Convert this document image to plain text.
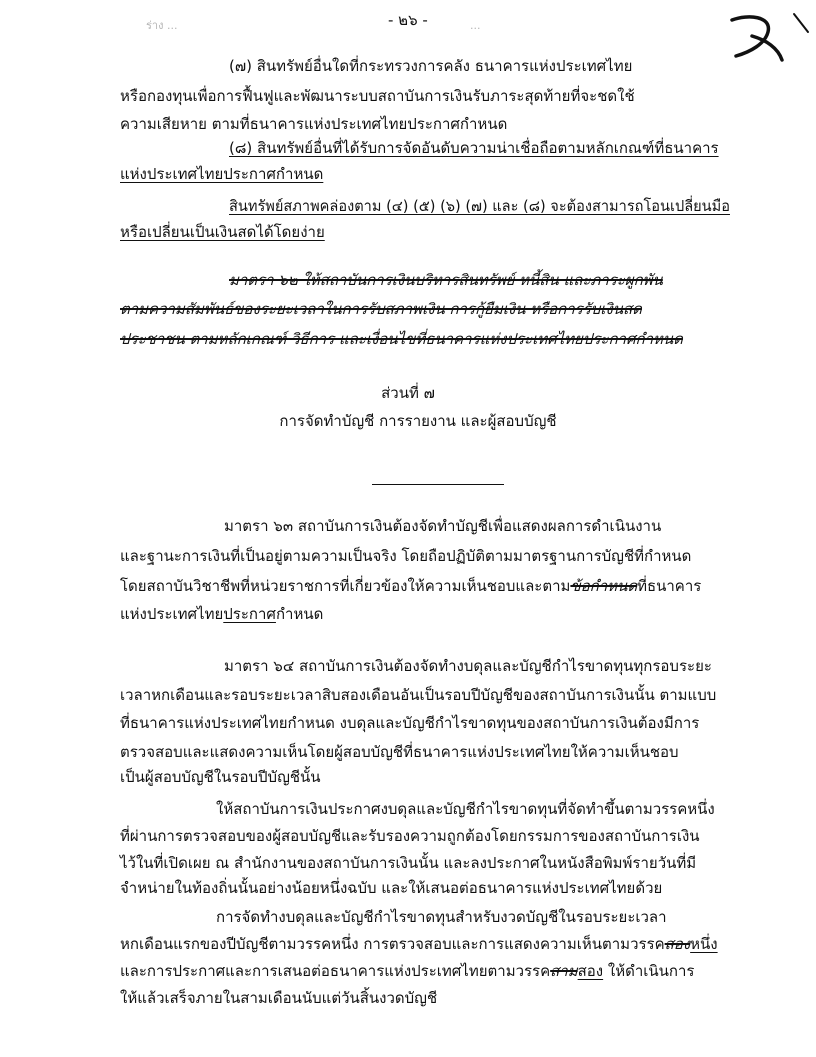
ร่าง ...	- ๒๖ -	...
(๗) สินทรัพย์อื่นใดที่กระทรวงการคลัง ธนาคารแห่งประเทศไทย
หรือกองทุนเพื่อการฟื้นฟูและพัฒนาระบบสถาบันการเงินรับภาระสุดท้ายที่จะชดใช้
ความเสียหาย ตามที่ธนาคารแห่งประเทศไทยประกาศกำหนด
(๘) สินทรัพย์อื่นที่ได้รับการจัดอันดับความน่าเชื่อถือตามหลักเกณฑ์ที่ธนาคาร
แห่งประเทศไทยประกาศกำหนด
สินทรัพย์สภาพคล่องตาม (๔) (๕) (๖) (๗) และ (๘) จะต้องสามารถโอนเปลี่ยนมือ
หรือเปลี่ยนเป็นเงินสดได้โดยง่าย
มาตรา ๖๒ ให้สถาบันการเงินบริหารสินทรัพย์ หนี้สิน และภาระผูกพัน
ตามความสัมพันธ์ของระยะเวลาในการรับสภาพเงิน การกู้ยืมเงิน หรือการรับเงินสด
ประชาชน ตามหลักเกณฑ์ วิธีการ และเงื่อนไขที่ธนาคารแห่งประเทศไทยประกาศกำหนด
ส่วนที่ ๗
การจัดทำบัญชี การรายงาน และผู้สอบบัญชี
มาตรา ๖๓ สถาบันการเงินต้องจัดทำบัญชีเพื่อแสดงผลการดำเนินงาน
และฐานะการเงินที่เป็นอยู่ตามความเป็นจริง โดยถือปฏิบัติตามมาตรฐานการบัญชีที่กำหนด
โดยสถาบันวิชาชีพที่หน่วยราชการที่เกี่ยวข้องให้ความเห็นชอบและตามข้อกำหนดที่ธนาคาร
แห่งประเทศไทยประกาศกำหนด
มาตรา ๖๔ สถาบันการเงินต้องจัดทำงบดุลและบัญชีกำไรขาดทุนทุกรอบระยะ
เวลาหกเดือนและรอบระยะเวลาสิบสองเดือนอันเป็นรอบปีบัญชีของสถาบันการเงินนั้น ตามแบบ
ที่ธนาคารแห่งประเทศไทยกำหนด งบดุลและบัญชีกำไรขาดทุนของสถาบันการเงินต้องมีการ
ตรวจสอบและแสดงความเห็นโดยผู้สอบบัญชีที่ธนาคารแห่งประเทศไทยให้ความเห็นชอบ
เป็นผู้สอบบัญชีในรอบปีบัญชีนั้น
ให้สถาบันการเงินประกาศงบดุลและบัญชีกำไรขาดทุนที่จัดทำขึ้นตามวรรคหนึ่ง
ที่ผ่านการตรวจสอบของผู้สอบบัญชีและรับรองความถูกต้องโดยกรรมการของสถาบันการเงิน
ไว้ในที่เปิดเผย ณ สำนักงานของสถาบันการเงินนั้น และลงประกาศในหนังสือพิมพ์รายวันที่มี
จำหน่ายในท้องถิ่นนั้นอย่างน้อยหนึ่งฉบับ และให้เสนอต่อธนาคารแห่งประเทศไทยด้วย
การจัดทำงบดุลและบัญชีกำไรขาดทุนสำหรับงวดบัญชีในรอบระยะเวลา
หกเดือนแรกของปีบัญชีตามวรรคหนึ่ง การตรวจสอบและการแสดงความเห็นตามวรรคสองหนึ่ง
และการประกาศและการเสนอต่อธนาคารแห่งประเทศไทยตามวรรคสามสอง ให้ดำเนินการ
ให้แล้วเสร็จภายในสามเดือนนับแต่วันสิ้นงวดบัญชี
